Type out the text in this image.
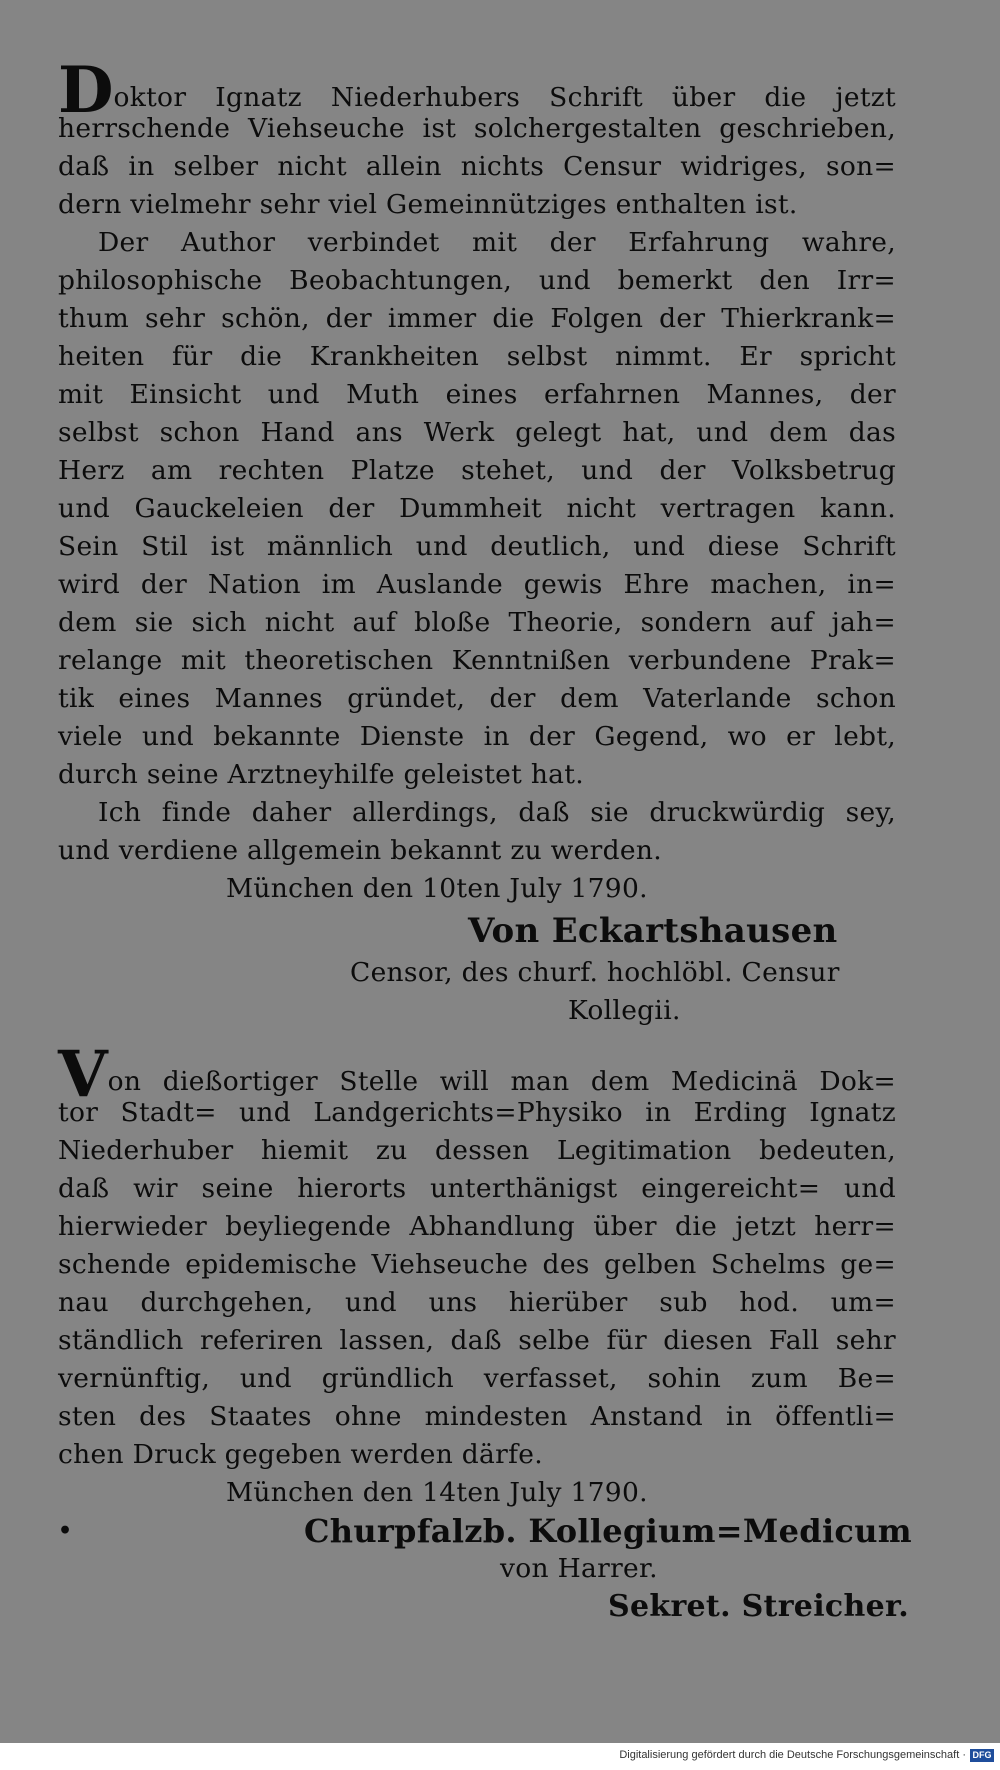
Doktor Ignatz Niederhubers Schrift über die jetzt
herrschende Viehseuche ist solchergestalten geschrieben,
daß in selber nicht allein nichts Censur widriges, son=
dern vielmehr sehr viel Gemeinnütziges enthalten ist.
Der Author verbindet mit der Erfahrung wahre,
philosophische Beobachtungen, und bemerkt den Irr=
thum sehr schön, der immer die Folgen der Thierkrank=
heiten für die Krankheiten selbst nimmt. Er spricht
mit Einsicht und Muth eines erfahrnen Mannes, der
selbst schon Hand ans Werk gelegt hat, und dem das
Herz am rechten Platze stehet, und der Volksbetrug
und Gauckeleien der Dummheit nicht vertragen kann.
Sein Stil ist männlich und deutlich, und diese Schrift
wird der Nation im Auslande gewis Ehre machen, in=
dem sie sich nicht auf bloße Theorie, sondern auf jah=
relange mit theoretischen Kenntnißen verbundene Prak=
tik eines Mannes gründet, der dem Vaterlande schon
viele und bekannte Dienste in der Gegend, wo er lebt,
durch seine Arztneyhilfe geleistet hat.
Ich finde daher allerdings, daß sie druckwürdig sey,
und verdiene allgemein bekannt zu werden.
München den 10ten July 1790.
Von Eckartshausen
Censor, des churf. hochlöbl. Censur
Kollegii.
Von dießortiger Stelle will man dem Medicinä Dok=
tor Stadt= und Landgerichts=Physiko in Erding Ignatz
Niederhuber hiemit zu dessen Legitimation bedeuten,
daß wir seine hierorts unterthänigst eingereicht= und
hierwieder beyliegende Abhandlung über die jetzt herr=
schende epidemische Viehseuche des gelben Schelms ge=
nau durchgehen, und uns hierüber sub hod. um=
ständlich referiren lassen, daß selbe für diesen Fall sehr
vernünftig, und gründlich verfasset, sohin zum Be=
sten des Staates ohne mindesten Anstand in öffentli=
chen Druck gegeben werden därfe.
München den 14ten July 1790.
•	Churpfalzb. Kollegium=Medicum
von Harrer.
Sekret. Streicher.
Digitalisierung gefördert durch die Deutsche Forschungsgemeinschaft · DFG
